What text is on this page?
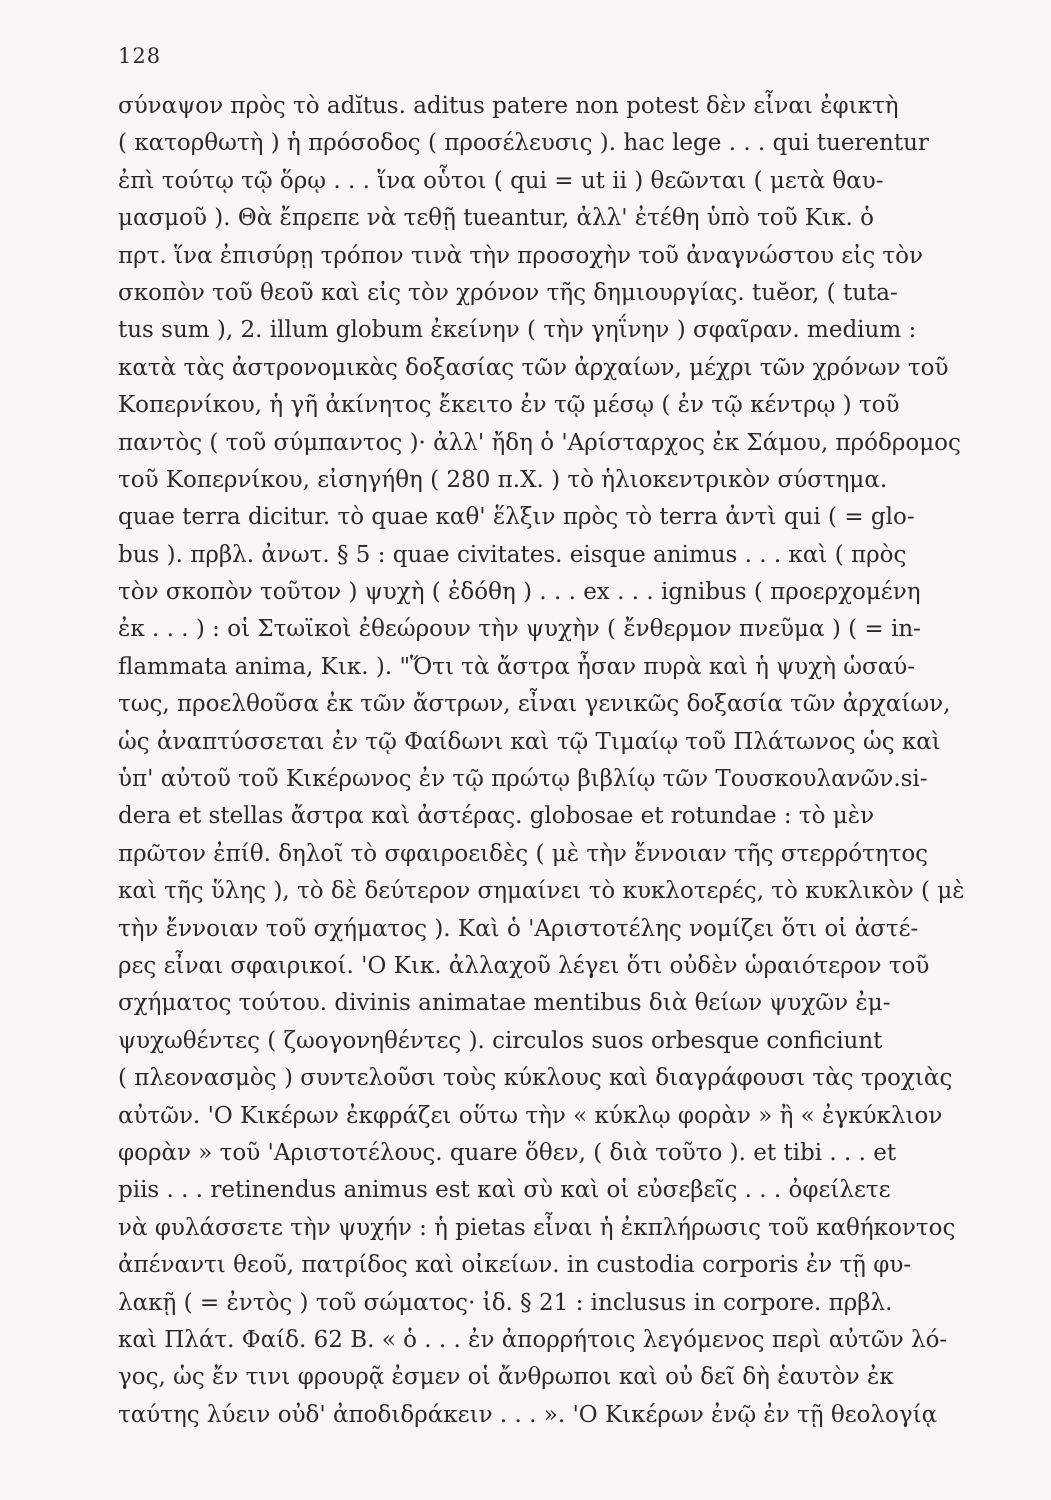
128
σύναψον πρὸς τὸ adĭtus. aditus patere non potest δὲν εἶναι ἐφικτὴ
( κατορθωτὴ ) ἡ πρόσοδος ( προσέλευσις ). hac lege . . . qui tuerentur
ἐπὶ τούτῳ τῷ ὅρῳ . . . ἵνα οὗτοι ( qui = ut ii ) θεῶνται ( μετὰ θαυ-
μασμοῦ ). Θὰ ἔπρεπε νὰ τεθῇ tueantur, ἀλλ' ἐτέθη ὑπὸ τοῦ Κικ. ὁ
πρτ. ἵνα ἐπισύρῃ τρόπον τινὰ τὴν προσοχὴν τοῦ ἀναγνώστου εἰς τὸν
σκοπὸν τοῦ θεοῦ καὶ εἰς τὸν χρόνον τῆς δημιουργίας. tuĕor, ( tuta-
tus sum ), 2. illum globum ἐκείνην ( τὴν γηΐνην ) σφαῖραν. medium :
κατὰ τὰς ἀστρονομικὰς δοξασίας τῶν ἀρχαίων, μέχρι τῶν χρόνων τοῦ
Κοπερνίκου, ἡ γῆ ἀκίνητος ἔκειτο ἐν τῷ μέσῳ ( ἐν τῷ κέντρῳ ) τοῦ
παντὸς ( τοῦ σύμπαντος )· ἀλλ' ἤδη ὁ 'Αρίσταρχος ἐκ Σάμου, πρόδρομος
τοῦ Κοπερνίκου, εἰσηγήθη ( 280 π.Χ. ) τὸ ἡλιοκεντρικὸν σύστημα.
quae terra dicitur. τὸ quae καθ' ἕλξιν πρὸς τὸ terra ἀντὶ qui ( = glo-
bus ). πρβλ. ἀνωτ. § 5 : quae civitates. eisque animus . . . καὶ ( πρὸς
τὸν σκοπὸν τοῦτον ) ψυχὴ ( ἐδόθη ) . . . ex . . . ignibus ( προερχομένη
ἐκ . . . ) : οἱ Στωϊκοὶ ἐθεώρουν τὴν ψυχὴν ( ἔνθερμον πνεῦμα ) ( = in-
flammata anima, Κικ. ). "Ὅτι τὰ ἄστρα ἦσαν πυρὰ καὶ ἡ ψυχὴ ὡσαύ-
τως, προελθοῦσα ἐκ τῶν ἄστρων, εἶναι γενικῶς δοξασία τῶν ἀρχαίων,
ὡς ἀναπτύσσεται ἐν τῷ Φαίδωνι καὶ τῷ Τιμαίῳ τοῦ Πλάτωνος ὡς καὶ
ὑπ' αὐτοῦ τοῦ Κικέρωνος ἐν τῷ πρώτῳ βιβλίῳ τῶν Τουσκουλανῶν.si-
dera et stellas ἄστρα καὶ ἀστέρας. globosae et rotundae : τὸ μὲν
πρῶτον ἐπίθ. δηλοῖ τὸ σφαιροειδὲς ( μὲ τὴν ἔννοιαν τῆς στερρότητος
καὶ τῆς ὕλης ), τὸ δὲ δεύτερον σημαίνει τὸ κυκλοτερές, τὸ κυκλικὸν ( μὲ
τὴν ἔννοιαν τοῦ σχήματος ). Καὶ ὁ 'Αριστοτέλης νομίζει ὅτι οἱ ἀστέ-
ρες εἶναι σφαιρικοί. 'Ο Κικ. ἀλλαχοῦ λέγει ὅτι οὐδὲν ὡραιότερον τοῦ
σχήματος τούτου. divinis animatae mentibus διὰ θείων ψυχῶν ἐμ-
ψυχωθέντες ( ζωογονηθέντες ). circulos suos orbesque conficiunt
( πλεονασμὸς ) συντελοῦσι τοὺς κύκλους καὶ διαγράφουσι τὰς τροχιὰς
αὐτῶν. 'Ο Κικέρων ἐκφράζει οὕτω τὴν « κύκλῳ φορὰν » ἢ « ἐγκύκλιον
φορὰν » τοῦ 'Αριστοτέλους. quare ὅθεν, ( διὰ τοῦτο ). et tibi . . . et
piis . . . retinendus animus est καὶ σὺ καὶ οἱ εὐσεβεῖς . . . ὀφείλετε
νὰ φυλάσσετε τὴν ψυχήν : ἡ pietas εἶναι ἡ ἐκπλήρωσις τοῦ καθήκοντος
ἀπέναντι θεοῦ, πατρίδος καὶ οἰκείων. in custodia corporis ἐν τῇ φυ-
λακῇ ( = ἐντὸς ) τοῦ σώματος· ἰδ. § 21 : inclusus in corpore. πρβλ.
καὶ Πλάτ. Φαίδ. 62 Β. « ὁ . . . ἐν ἀπορρήτοις λεγόμενος περὶ αὐτῶν λό-
γος, ὡς ἔν τινι φρουρᾷ ἐσμεν οἱ ἄνθρωποι καὶ οὐ δεῖ δὴ ἑαυτὸν ἐκ
ταύτης λύειν οὐδ' ἀποδιδράκειν . . . ». 'Ο Κικέρων ἐνῷ ἐν τῇ θεολογίᾳ
